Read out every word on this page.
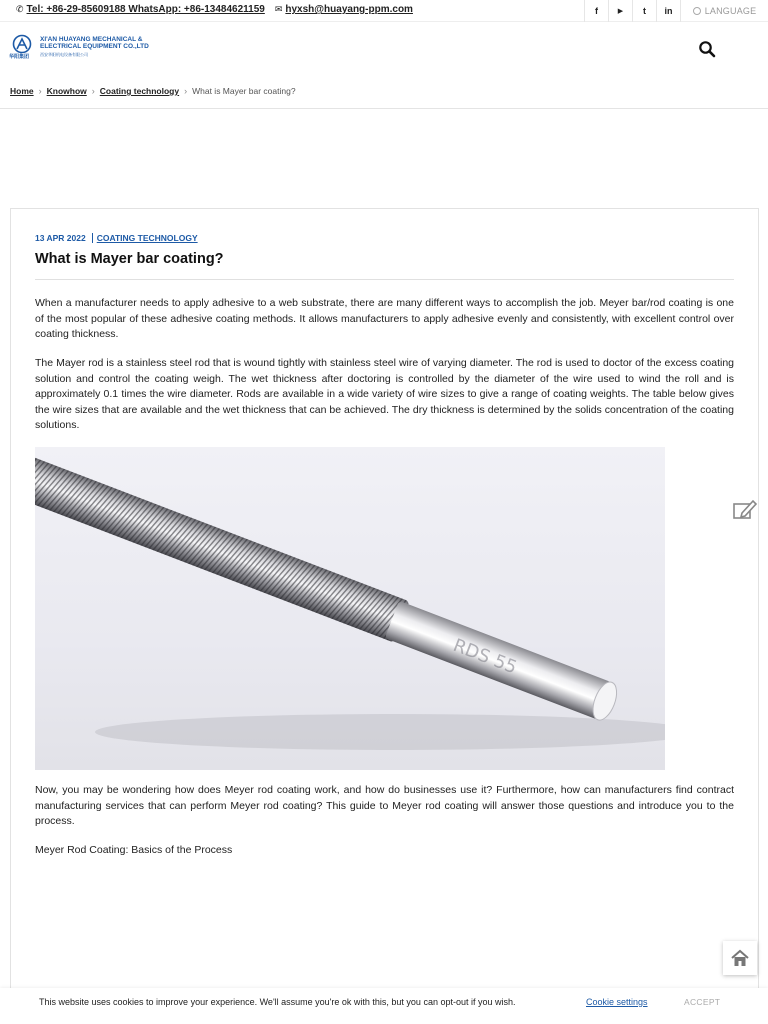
✆ Tel: +86-29-85609188 WhatsApp: +86-13484621159 ✉ hyxsh@huayang-ppm.com	f	▶	t	in	LANGUAGE
华阳集团
XI'AN HUAYANG MECHANICAL &
ELECTRICAL EQUIPMENT CO.,LTD
西安华阳机电设备有限公司
Home › Knowhow › Coating technology › What is Mayer bar coating?
13 APR 2022	COATING TECHNOLOGY
What is Mayer bar coating?

When a manufacturer needs to apply adhesive to a web substrate, there are many different ways to accomplish the job. Meyer bar/rod coating is one of the most popular of these adhesive coating methods. It allows manufacturers to apply adhesive evenly and consistently, with excellent control over coating thickness.

The Mayer rod is a stainless steel rod that is wound tightly with stainless steel wire of varying diameter. The rod is used to doctor of the excess coating solution and control the coating weigh. The wet thickness after doctoring is controlled by the diameter of the wire used to wind the roll and is approximately 0.1 times the wire diameter. Rods are available in a wide variety of wire sizes to give a range of coating weights. The table below gives the wire sizes that are available and the wet thickness that can be achieved. The dry thickness is determined by the solids concentration of the coating solutions.

RDS 55

Now, you may be wondering how does Meyer rod coating work, and how do businesses use it? Furthermore, how can manufacturers find contract manufacturing services that can perform Meyer rod coating? This guide to Meyer rod coating will answer those questions and introduce you to the process.

Meyer Rod Coating: Basics of the Process

This website uses cookies to improve your experience. We'll assume you're ok with this, but you can opt-out if you wish.	Cookie settings	ACCEPT
